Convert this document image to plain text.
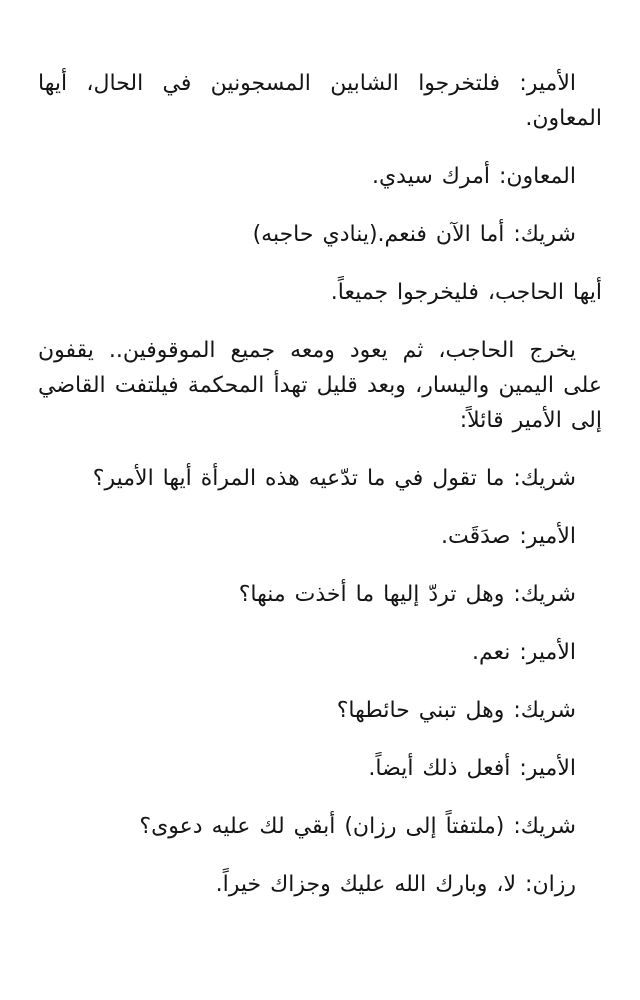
الأمير: فلتخرجوا الشابين المسجونين في الحال، أيها المعاون.

المعاون: أمرك سيدي.

شريك: أما الآن فنعم.(ينادي حاجبه)

أيها الحاجب، فليخرجوا جميعاً.

يخرج الحاجب، ثم يعود ومعه جميع الموقوفين.. يقفون على اليمين واليسار، وبعد قليل تهدأ المحكمة فيلتفت القاضي إلى الأمير قائلاً:

شريك: ما تقول في ما تدّعيه هذه المرأة أيها الأمير؟

الأمير: صدَقَت.

شريك: وهل تردّ إليها ما أخذت منها؟

الأمير: نعم.

شريك: وهل تبني حائطها؟

الأمير: أفعل ذلك أيضاً.

شريك: (ملتفتاً إلى رزان) أبقي لك عليه دعوى؟

رزان: لا، وبارك الله عليك وجزاك خيراً.
